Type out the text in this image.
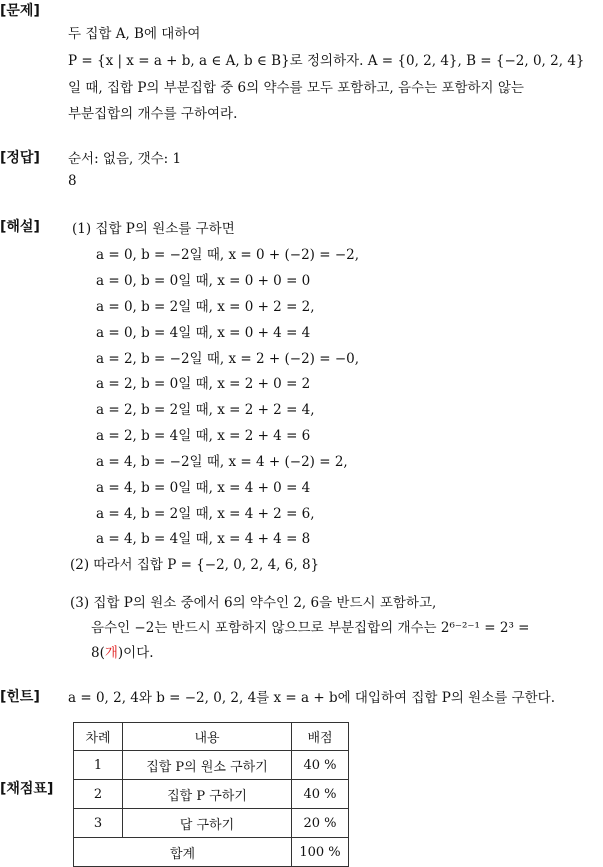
[문제]
두 집합 A, B에 대하여
P = {x | x = a + b, a ∈ A, b ∈ B}로 정의하자. A = {0, 2, 4}, B = {−2, 0, 2, 4}
일 때, 집합 P의 부분집합 중 6의 약수를 모두 포함하고, 음수는 포함하지 않는
부분집합의 개수를 구하여라.
[정답] 순서: 없음, 갯수: 1
8
[해설] (1) 집합 P의 원소를 구하면
a = 0, b = −2일 때, x = 0 + (−2) = −2,
a = 0, b = 0일 때, x = 0 + 0 = 0
a = 0, b = 2일 때, x = 0 + 2 = 2,
a = 0, b = 4일 때, x = 0 + 4 = 4
a = 2, b = −2일 때, x = 2 + (−2) = −0,
a = 2, b = 0일 때, x = 2 + 0 = 2
a = 2, b = 2일 때, x = 2 + 2 = 4,
a = 2, b = 4일 때, x = 2 + 4 = 6
a = 4, b = −2일 때, x = 4 + (−2) = 2,
a = 4, b = 0일 때, x = 4 + 0 = 4
a = 4, b = 2일 때, x = 4 + 2 = 6,
a = 4, b = 4일 때, x = 4 + 4 = 8
(2) 따라서 집합 P = {−2, 0, 2, 4, 6, 8}
(3) 집합 P의 원소 중에서 6의 약수인 2, 6을 반드시 포함하고,
음수인 −2는 반드시 포함하지 않으므로 부분집합의 개수는 2⁶⁻²⁻¹ = 2³ =
8(개)이다.
[힌트] a = 0, 2, 4와 b = −2, 0, 2, 4를 x = a + b에 대입하여 집합 P의 원소를 구한다.
[채점표]
차례	내용	배점
1	집합 P의 원소 구하기	40 %
2	집합 P 구하기	40 %
3	답 구하기	20 %
합계		100 %
